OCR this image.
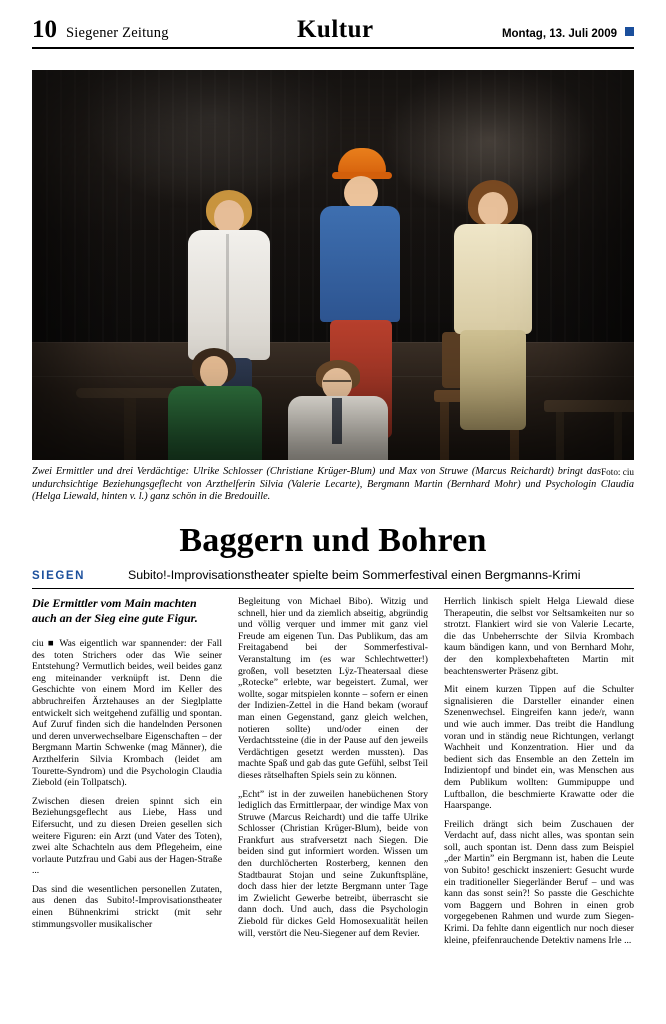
10 Siegener Zeitung	Kultur	Montag, 13. Juli 2009
Foto: ciu
Zwei Ermittler und drei Verdächtige: Ulrike Schlosser (Christiane Krüger-Blum) und Max von Struwe (Marcus Reichardt) bringt das undurchsichtige Beziehungsgeflecht von Arzthelferin Silvia (Valerie Lecarte), Bergmann Martin (Bernhard Mohr) und Psychologin Claudia (Helga Liewald, hinten v. l.) ganz schön in die Bredouille.
Baggern und Bohren
SIEGEN	Subito!-Improvisationstheater spielte beim Sommerfestival einen Bergmanns-Krimi

Die Ermittler vom Main machten auch an der Sieg eine gute Figur.

ciu ■ Was eigentlich war spannender: der Fall des toten Strichers oder das Wie seiner Entstehung? Vermutlich beides, weil beides ganz eng miteinander verknüpft ist. Denn die Geschichte von einem Mord im Keller des abbruchreifen Ärztehauses an der Sieglplatte entwickelt sich weitgehend zufällig und spontan. Auf Zuruf finden sich die handelnden Personen und deren unverwechselbare Eigenschaften – der Bergmann Martin Schwenke (mag Männer), die Arzthelferin Silvia Krombach (leidet am Tourette-Syndrom) und die Psychologin Claudia Ziebold (ein Tollpatsch).

Zwischen diesen dreien spinnt sich ein Beziehungsgeflecht aus Liebe, Hass und Eifersucht, und zu diesen Dreien gesellen sich weitere Figuren: ein Arzt (und Vater des Toten), zwei alte Schachteln aus dem Pflegeheim, eine vorlaute Putzfrau und Gabi aus der Hagen-Straße ...

Das sind die wesentlichen personellen Zutaten, aus denen das Subito!-Improvisationstheater einen Bühnenkrimi strickt (mit sehr stimmungsvoller musikalischer

Begleitung von Michael Bibo). Witzig und schnell, hier und da ziemlich abseitig, abgründig und völlig verquer und immer mit ganz viel Freude am eigenen Tun. Das Publikum, das am Freitagabend bei der Sommerfestival-Veranstaltung im (es war Schlechtwetter!) großen, voll besetzten Lÿz-Theatersaal diese „Roteckeˮ erlebte, war begeistert. Zumal, wer wollte, sogar mitspielen konnte – sofern er einen der Indizien-Zettel in die Hand bekam (worauf man einen Gegenstand, ganz gleich welchen, notieren sollte) und/oder einen der Verdachtssteine (die in der Pause auf den jeweils Verdächtigen gesetzt werden mussten). Das machte Spaß und gab das gute Gefühl, selbst Teil dieses rätselhaften Spiels sein zu können.

„Echtˮ ist in der zuweilen hanebüchenen Story lediglich das Ermittlerpaar, der windige Max von Struwe (Marcus Reichardt) und die taffe Ulrike Schlosser (Christian Krüger-Blum), beide von Frankfurt aus strafversetzt nach Siegen. Die beiden sind gut informiert worden. Wissen um den durchlöcherten Rosterberg, kennen den Stadtbaurat Stojan und seine Zukunftspläne, doch dass hier der letzte Bergmann unter Tage im Zwielicht Gewerbe betreibt, überrascht sie dann doch. Und auch, dass die Psychologin Ziebold für dickes Geld Homosexualität heilen will, verstört die Neu-Siegener auf dem Revier.

Herrlich linkisch spielt Helga Liewald diese Therapeutin, die selbst vor Seltsamkeiten nur so strotzt. Flankiert wird sie von Valerie Lecarte, die das Unbeherrschte der Silvia Krombach kaum bändigen kann, und von Bernhard Mohr, der den komplexbehafteten Martin mit beachtenswerter Präsenz gibt.

Mit einem kurzen Tippen auf die Schulter signalisieren die Darsteller einander einen Szenenwechsel. Eingreifen kann jede/r, wann und wie auch immer. Das treibt die Handlung voran und in ständig neue Richtungen, verlangt Wachheit und Konzentration. Hier und da bedient sich das Ensemble an den Zetteln im Indizientopf und bindet ein, was Menschen aus dem Publikum wollten: Gummipuppe und Luftballon, die beschmierte Krawatte oder die Haarspange.

Freilich drängt sich beim Zuschauen der Verdacht auf, dass nicht alles, was spontan sein soll, auch spontan ist. Denn dass zum Beispiel „der Martinˮ ein Bergmann ist, haben die Leute von Subito! geschickt inszeniert: Gesucht wurde ein traditioneller Siegerländer Beruf – und was kann das sonst sein?! So passte die Geschichte vom Baggern und Bohren in einen grob vorgegebenen Rahmen und wurde zum Siegen-Krimi. Da fehlte dann eigentlich nur noch dieser kleine, pfeifenrauchende Detektiv namens Irle ...
